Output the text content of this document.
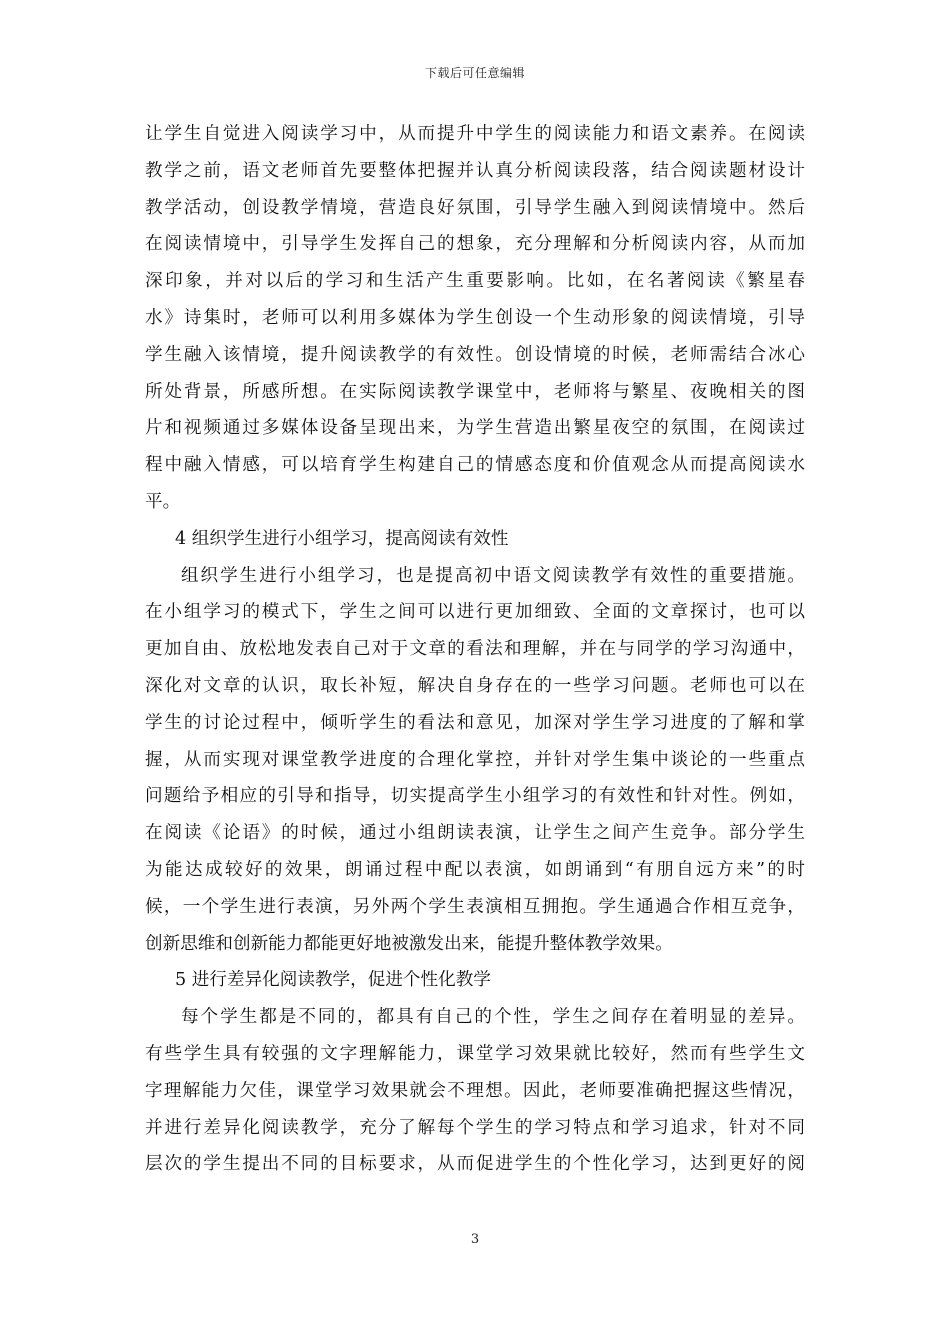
下载后可任意编辑
让学生自觉进入阅读学习中，从而提升中学生的阅读能力和语文素养。在阅读
教学之前，语文老师首先要整体把握并认真分析阅读段落，结合阅读题材设计
教学活动，创设教学情境，营造良好氛围，引导学生融入到阅读情境中。然后
在阅读情境中，引导学生发挥自己的想象，充分理解和分析阅读内容，从而加
深印象，并对以后的学习和生活产生重要影响。比如，在名著阅读《繁星春
水》诗集时，老师可以利用多媒体为学生创设一个生动形象的阅读情境，引导
学生融入该情境，提升阅读教学的有效性。创设情境的时候，老师需结合冰心
所处背景，所感所想。在实际阅读教学课堂中，老师将与繁星、夜晚相关的图
片和视频通过多媒体设备呈现出来，为学生营造出繁星夜空的氛围，在阅读过
程中融入情感，可以培育学生构建自己的情感态度和价值观念从而提高阅读水
平。
4 组织学生进行小组学习，提高阅读有效性
组织学生进行小组学习，也是提高初中语文阅读教学有效性的重要措施。
在小组学习的模式下，学生之间可以进行更加细致、全面的文章探讨，也可以
更加自由、放松地发表自己对于文章的看法和理解，并在与同学的学习沟通中，
深化对文章的认识，取长补短，解决自身存在的一些学习问题。老师也可以在
学生的讨论过程中，倾听学生的看法和意见，加深对学生学习进度的了解和掌
握，从而实现对课堂教学进度的合理化掌控，并针对学生集中谈论的一些重点
问题给予相应的引导和指导，切实提高学生小组学习的有效性和针对性。例如，
在阅读《论语》的时候，通过小组朗读表演，让学生之间产生竞争。部分学生
为能达成较好的效果，朗诵过程中配以表演，如朗诵到“有朋自远方来”的时
候，一个学生进行表演，另外两个学生表演相互拥抱。学生通過合作相互竞争，
创新思维和创新能力都能更好地被激发出来，能提升整体教学效果。
5 进行差异化阅读教学，促进个性化教学
每个学生都是不同的，都具有自己的个性，学生之间存在着明显的差异。
有些学生具有较强的文字理解能力，课堂学习效果就比较好，然而有些学生文
字理解能力欠佳，课堂学习效果就会不理想。因此，老师要准确把握这些情况，
并进行差异化阅读教学，充分了解每个学生的学习特点和学习追求，针对不同
层次的学生提出不同的目标要求，从而促进学生的个性化学习，达到更好的阅
3
